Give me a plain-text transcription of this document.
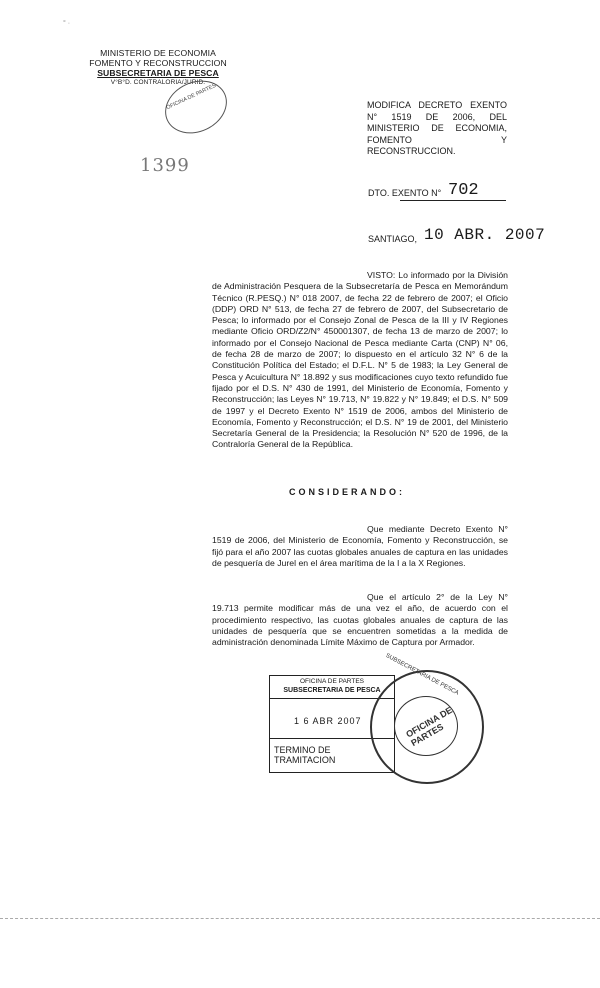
° ·
MINISTERIO DE ECONOMIA
FOMENTO Y RECONSTRUCCION
SUBSECRETARIA DE PESCA
V°B°D. CONTRALORIA/JURID.
OFICINA DE PARTES
1399
MODIFICA DECRETO EXENTO N° 1519 DE 2006, DEL MINISTERIO DE ECONOMIA, FOMENTO Y RECONSTRUCCION.
DTO. EXENTO N° 702
SANTIAGO, 10 ABR. 2007
VISTO: Lo informado por la División de Administración Pesquera de la Subsecretaría de Pesca en Memorándum Técnico (R.PESQ.) N° 018 2007, de fecha 22 de febrero de 2007; el Oficio (DDP) ORD N° 513, de fecha 27 de febrero de 2007, del Subsecretario de Pesca; lo informado por el Consejo Zonal de Pesca de la III y IV Regiones mediante Oficio ORD/Z2/N° 450001307, de fecha 13 de marzo de 2007; lo informado por el Consejo Nacional de Pesca mediante Carta (CNP) N° 06, de fecha 28 de marzo de 2007; lo dispuesto en el artículo 32 N° 6 de la Constitución Política del Estado; el D.F.L. N° 5 de 1983; la Ley General de Pesca y Acuicultura N° 18.892 y sus modificaciones cuyo texto refundido fue fijado por el D.S. N° 430 de 1991, del Ministerio de Economía, Fomento y Reconstrucción; las Leyes N° 19.713, N° 19.822 y N° 19.849; el D.S. N° 509 de 1997 y el Decreto Exento N° 1519 de 2006, ambos del Ministerio de Economía, Fomento y Reconstrucción; el D.S. N° 19 de 2001, del Ministerio Secretaría General de la Presidencia; la Resolución N° 520 de 1996, de la Contraloría General de la República.
CONSIDERANDO:
Que mediante Decreto Exento N° 1519 de 2006, del Ministerio de Economía, Fomento y Reconstrucción, se fijó para el año 2007 las cuotas globales anuales de captura en las unidades de pesquería de Jurel en el área marítima de la I a la X Regiones.
Que el artículo 2° de la Ley N° 19.713 permite modificar más de una vez el año, de acuerdo con el procedimiento respectivo, las cuotas globales anuales de captura de las unidades de pesquería que se encuentren sometidas a la medida de administración denominada Límite Máximo de Captura por Armador.
OFICINA DE PARTES
SUBSECRETARIA DE PESCA
1 6 ABR 2007
TERMINO DE TRAMITACION
SUBSECRETARIA DE PESCA
OFICINA DE PARTES
